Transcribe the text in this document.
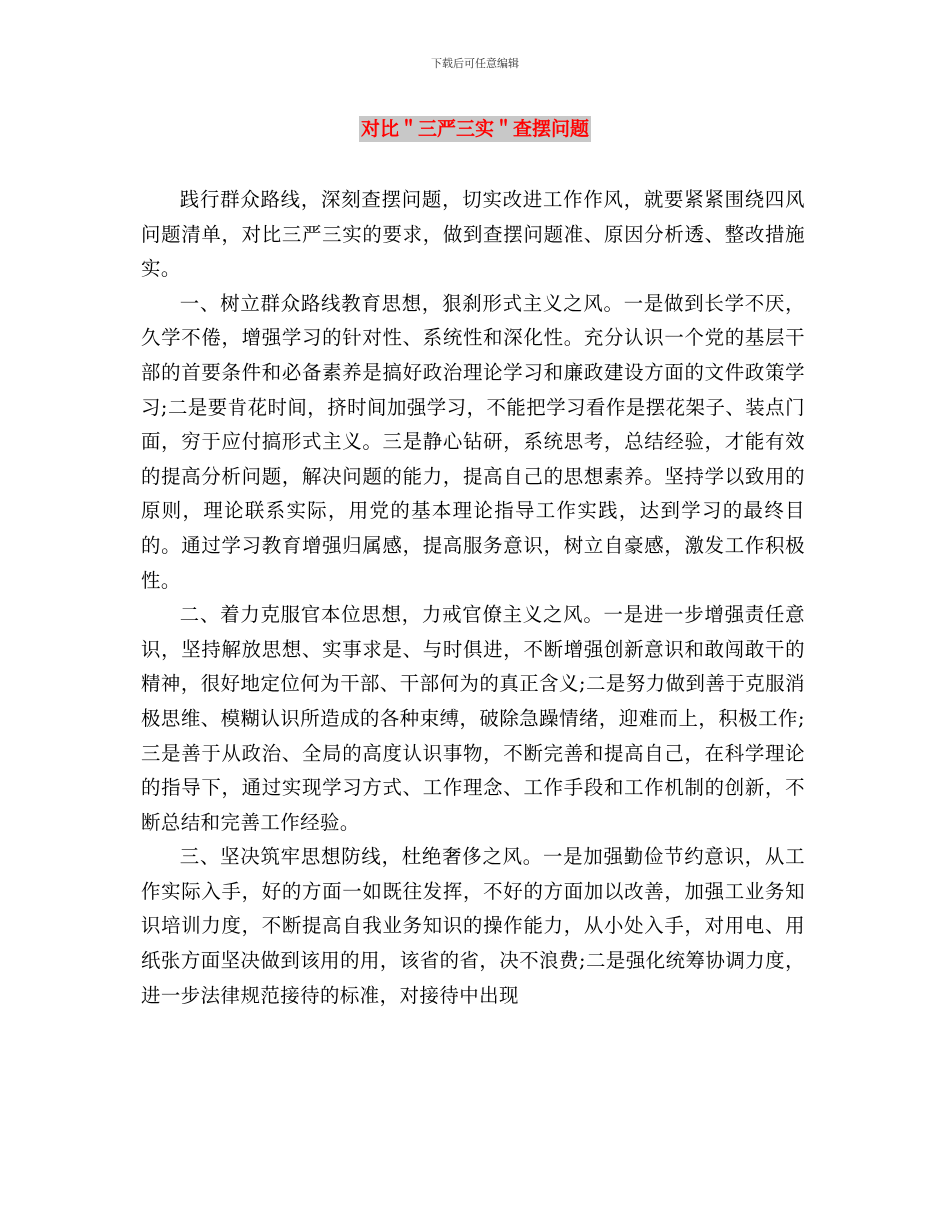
下载后可任意编辑
对比＂三严三实＂查摆问题

践行群众路线，深刻查摆问题，切实改进工作作风，就要紧紧围绕四风问题清单，对比三严三实的要求，做到查摆问题准、原因分析透、整改措施实。

一、树立群众路线教育思想，狠刹形式主义之风。一是做到长学不厌，久学不倦，增强学习的针对性、系统性和深化性。充分认识一个党的基层干部的首要条件和必备素养是搞好政治理论学习和廉政建设方面的文件政策学习;二是要肯花时间，挤时间加强学习，不能把学习看作是摆花架子、装点门面，穷于应付搞形式主义。三是静心钻研，系统思考，总结经验，才能有效的提高分析问题，解决问题的能力，提高自己的思想素养。坚持学以致用的原则，理论联系实际，用党的基本理论指导工作实践，达到学习的最终目的。通过学习教育增强归属感，提高服务意识，树立自豪感，激发工作积极性。

二、着力克服官本位思想，力戒官僚主义之风。一是进一步增强责任意识，坚持解放思想、实事求是、与时俱进，不断增强创新意识和敢闯敢干的精神，很好地定位何为干部、干部何为的真正含义;二是努力做到善于克服消极思维、模糊认识所造成的各种束缚，破除急躁情绪，迎难而上，积极工作;三是善于从政治、全局的高度认识事物，不断完善和提高自己，在科学理论的指导下，通过实现学习方式、工作理念、工作手段和工作机制的创新，不断总结和完善工作经验。

三、坚决筑牢思想防线，杜绝奢侈之风。一是加强勤俭节约意识，从工作实际入手，好的方面一如既往发挥，不好的方面加以改善，加强工业务知识培训力度，不断提高自我业务知识的操作能力，从小处入手，对用电、用纸张方面坚决做到该用的用，该省的省，决不浪费;二是强化统筹协调力度，进一步法律规范接待的标准，对接待中出现
